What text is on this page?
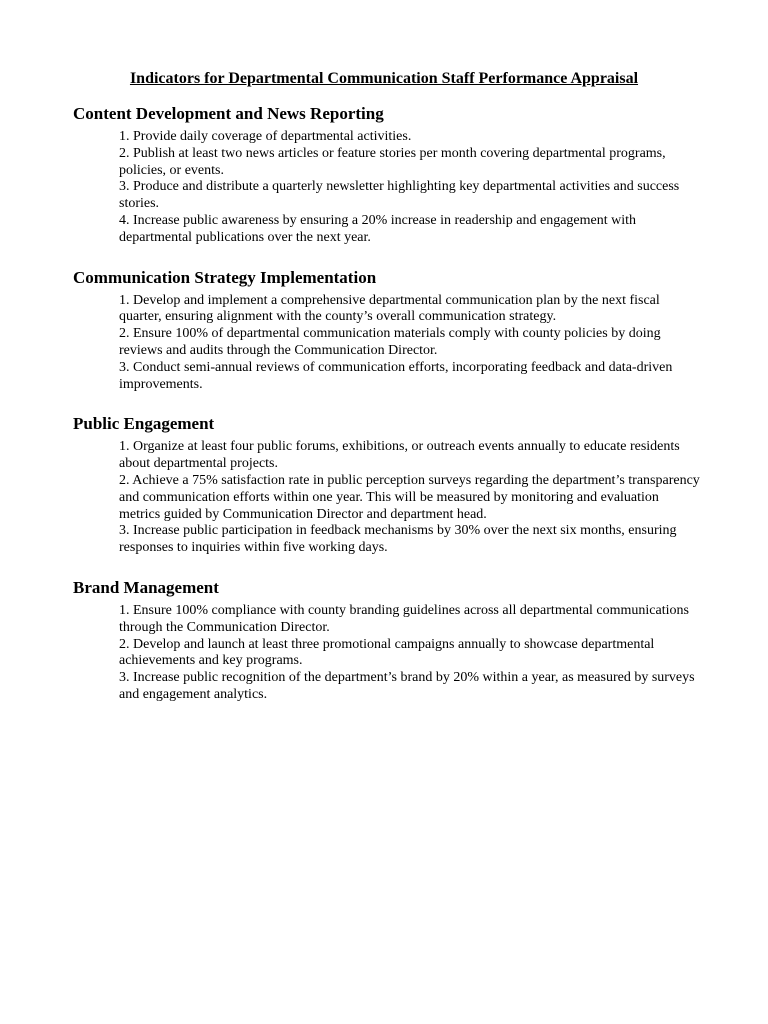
Indicators for Departmental Communication Staff Performance Appraisal
Content Development and News Reporting
1. Provide daily coverage of departmental activities.
2. Publish at least two news articles or feature stories per month covering departmental programs, policies, or events.
3. Produce and distribute a quarterly newsletter highlighting key departmental activities and success stories.
4. Increase public awareness by ensuring a 20% increase in readership and engagement with departmental publications over the next year.
Communication Strategy Implementation
1. Develop and implement a comprehensive departmental communication plan by the next fiscal quarter, ensuring alignment with the county’s overall communication strategy.
2. Ensure 100% of departmental communication materials comply with county policies by doing reviews and audits through the Communication Director.
3. Conduct semi-annual reviews of communication efforts, incorporating feedback and data-driven improvements.
Public Engagement
1. Organize at least four public forums, exhibitions, or outreach events annually to educate residents about departmental projects.
2. Achieve a 75% satisfaction rate in public perception surveys regarding the department’s transparency and communication efforts within one year. This will be measured by monitoring and evaluation metrics guided by Communication Director and department head.
3. Increase public participation in feedback mechanisms by 30% over the next six months, ensuring responses to inquiries within five working days.
Brand Management
1. Ensure 100% compliance with county branding guidelines across all departmental communications through the Communication Director.
2. Develop and launch at least three promotional campaigns annually to showcase departmental achievements and key programs.
3. Increase public recognition of the department’s brand by 20% within a year, as measured by surveys and engagement analytics.
